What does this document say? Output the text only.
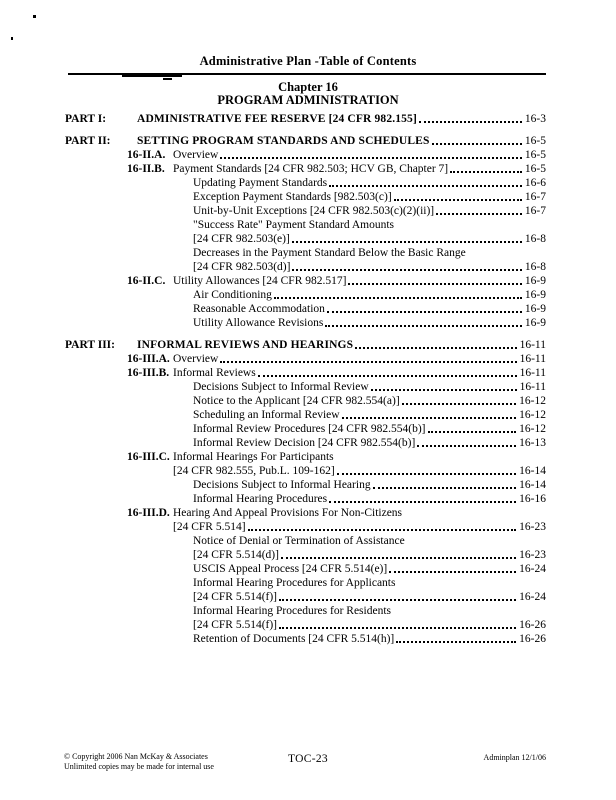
Administrative Plan -Table of Contents
Chapter 16
PROGRAM ADMINISTRATION
PART I:	ADMINISTRATIVE FEE RESERVE [24 CFR 982.155]	16-3
PART II:	SETTING PROGRAM STANDARDS AND SCHEDULES	16-5
16-II.A. Overview	16-5
16-II.B. Payment Standards [24 CFR 982.503; HCV GB, Chapter 7]	16-5
Updating Payment Standards	16-6
Exception Payment Standards [982.503(c)]	16-7
Unit-by-Unit Exceptions [24 CFR 982.503(c)(2)(ii)]	16-7
"Success Rate" Payment Standard Amounts
[24 CFR 982.503(e)]	16-8
Decreases in the Payment Standard Below the Basic Range
[24 CFR 982.503(d)]	16-8
16-II.C. Utility Allowances [24 CFR 982.517]	16-9
Air Conditioning	16-9
Reasonable Accommodation	16-9
Utility Allowance Revisions	16-9
PART III:	INFORMAL REVIEWS AND HEARINGS	16-11
16-III.A. Overview	16-11
16-III.B. Informal Reviews	16-11
Decisions Subject to Informal Review	16-11
Notice to the Applicant [24 CFR 982.554(a)]	16-12
Scheduling an Informal Review	16-12
Informal Review Procedures [24 CFR 982.554(b)]	16-12
Informal Review Decision [24 CFR 982.554(b)]	16-13
16-III.C. Informal Hearings For Participants
[24 CFR 982.555, Pub.L. 109-162]	16-14
Decisions Subject to Informal Hearing	16-14
Informal Hearing Procedures	16-16
16-III.D. Hearing And Appeal Provisions For Non-Citizens
[24 CFR 5.514]	16-23
Notice of Denial or Termination of Assistance
[24 CFR 5.514(d)]	16-23
USCIS Appeal Process [24 CFR 5.514(e)]	16-24
Informal Hearing Procedures for Applicants
[24 CFR 5.514(f)]	16-24
Informal Hearing Procedures for Residents
[24 CFR 5.514(f)]	16-26
Retention of Documents [24 CFR 5.514(h)]	16-26
© Copyright 2006 Nan McKay & Associates
Unlimited copies may be made for internal use
TOC-23	Adminplan 12/1/06
